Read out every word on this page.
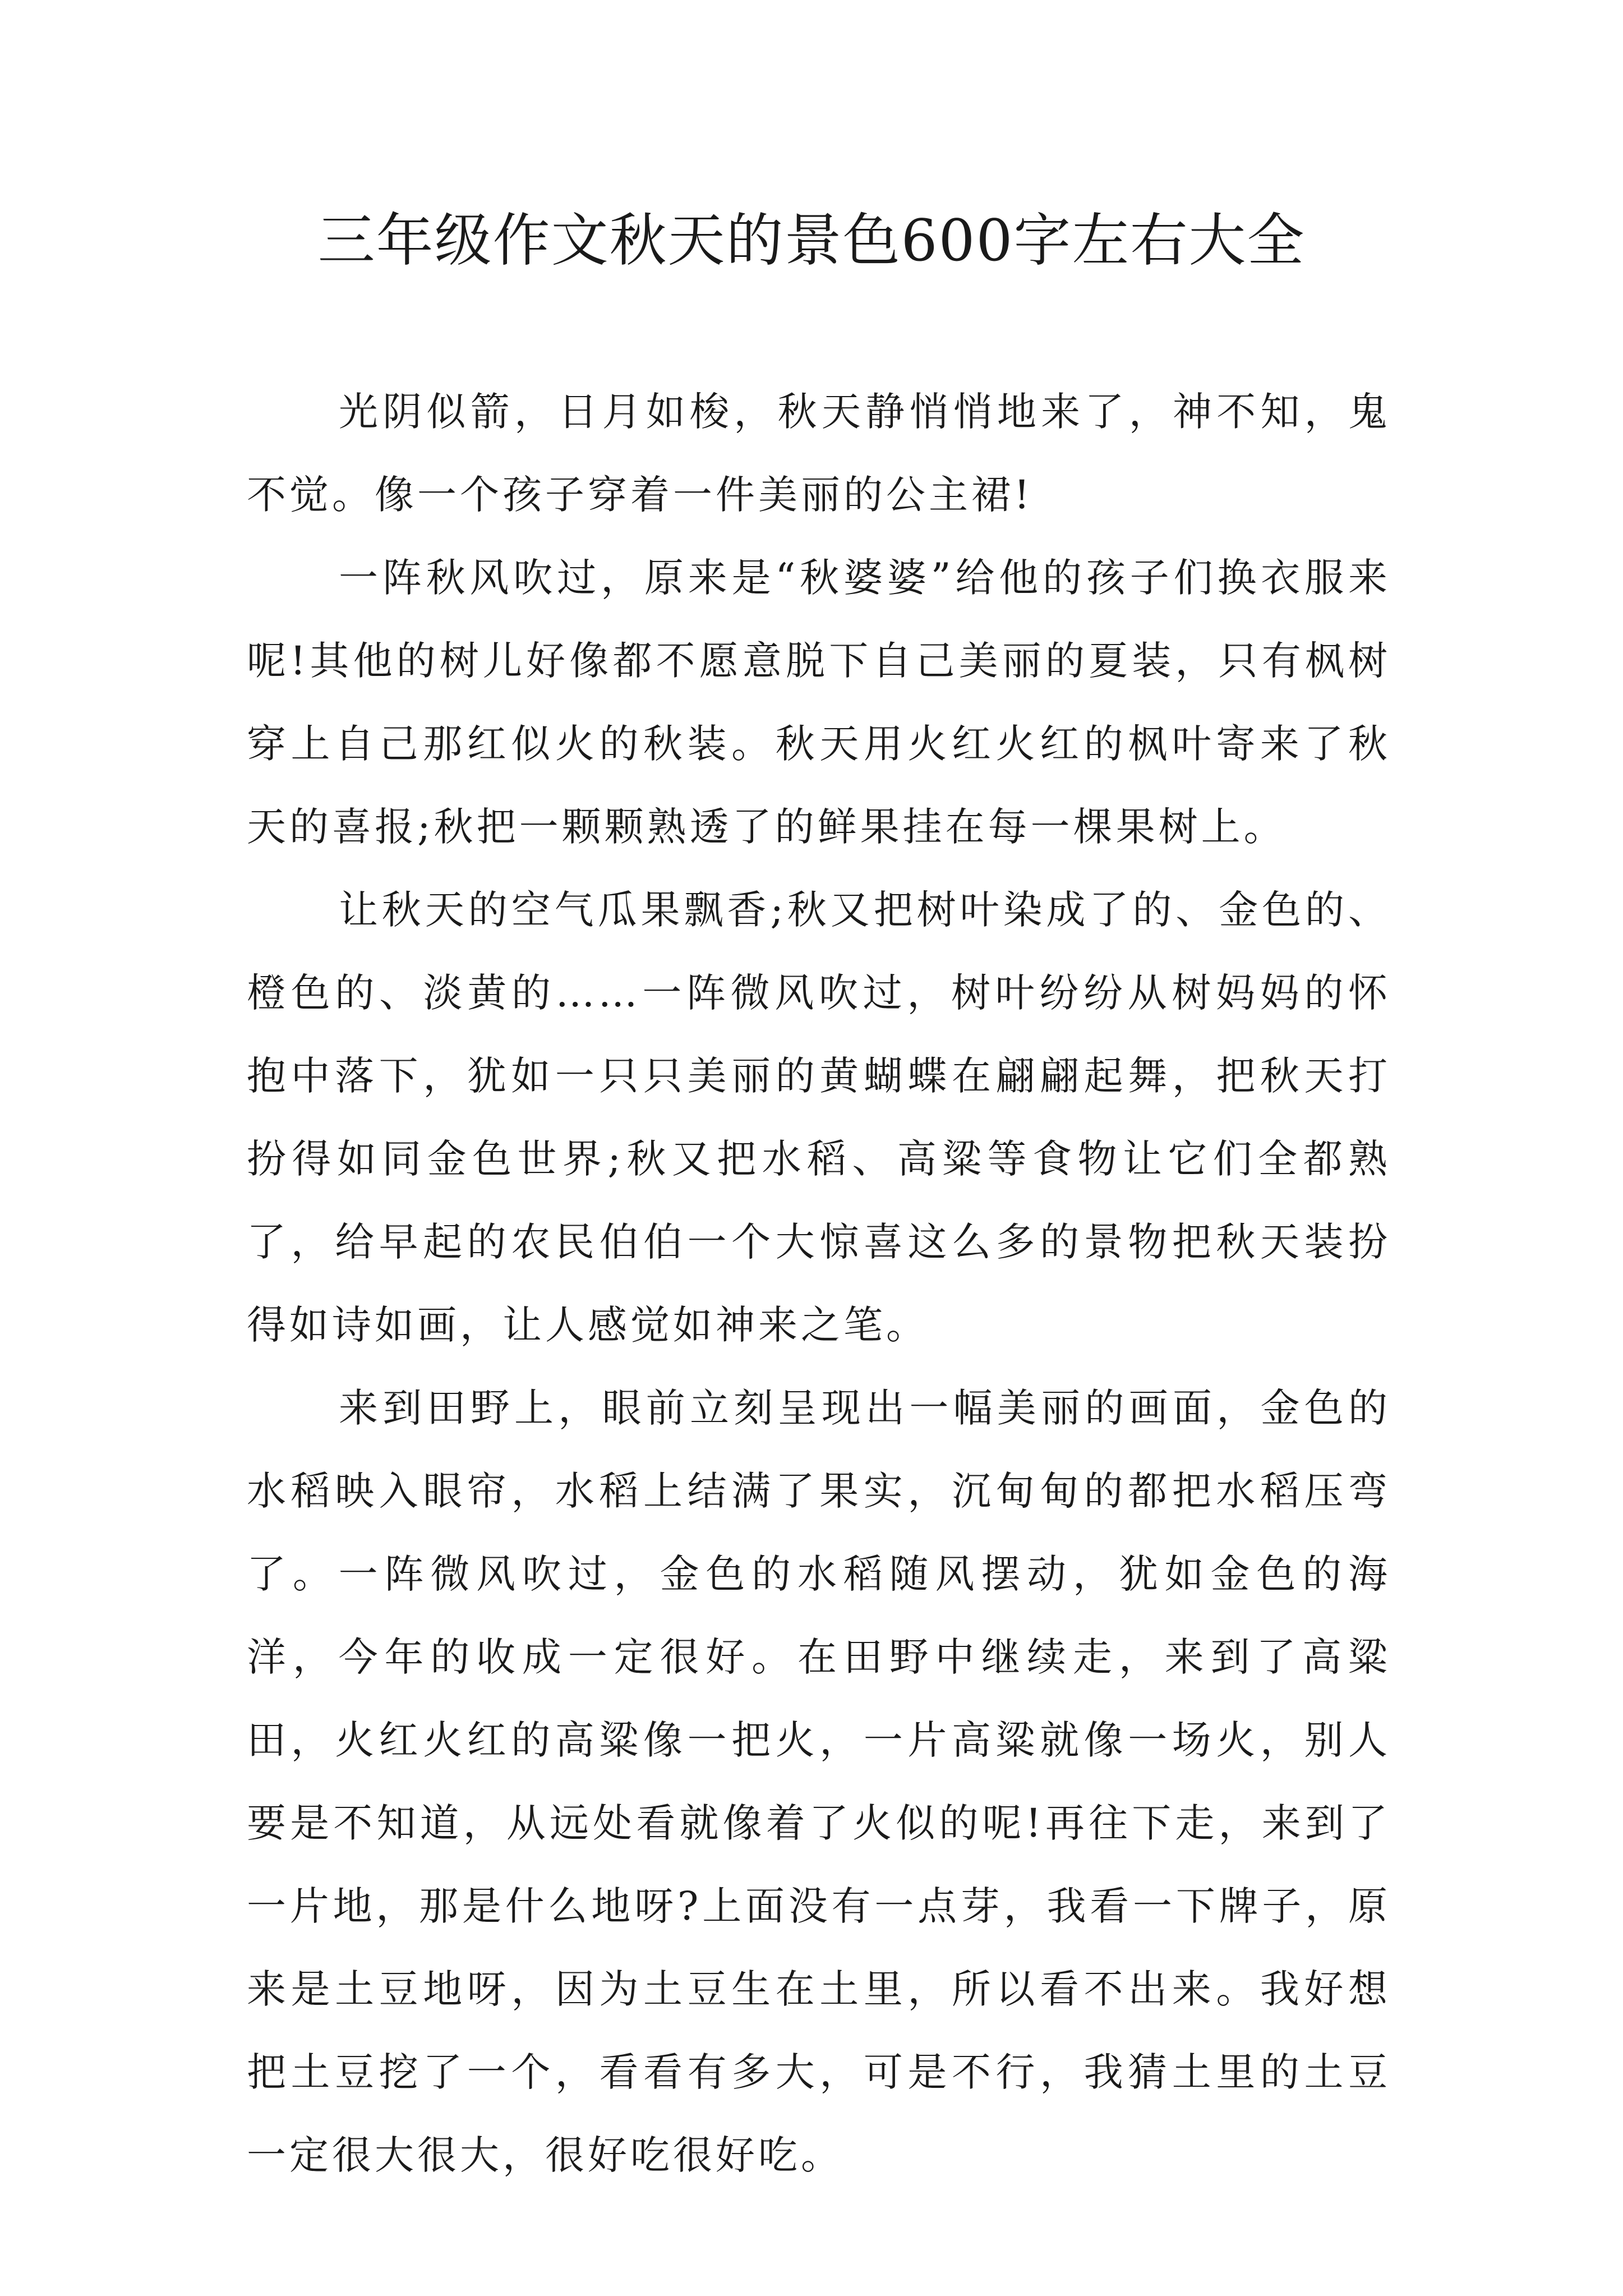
三年级作文秋天的景色600字左右大全

光阴似箭，日月如梭，秋天静悄悄地来了，神不知，鬼不觉。像一个孩子穿着一件美丽的公主裙!

一阵秋风吹过，原来是“秋婆婆”给他的孩子们换衣服来呢!其他的树儿好像都不愿意脱下自己美丽的夏装，只有枫树穿上自己那红似火的秋装。秋天用火红火红的枫叶寄来了秋天的喜报;秋把一颗颗熟透了的鲜果挂在每一棵果树上。

让秋天的空气瓜果飘香;秋又把树叶染成了的、金色的、橙色的、淡黄的……一阵微风吹过，树叶纷纷从树妈妈的怀抱中落下，犹如一只只美丽的黄蝴蝶在翩翩起舞，把秋天打扮得如同金色世界;秋又把水稻、高粱等食物让它们全都熟了，给早起的农民伯伯一个大惊喜这么多的景物把秋天装扮得如诗如画，让人感觉如神来之笔。

来到田野上，眼前立刻呈现出一幅美丽的画面，金色的水稻映入眼帘，水稻上结满了果实，沉甸甸的都把水稻压弯了。一阵微风吹过，金色的水稻随风摆动，犹如金色的海洋，今年的收成一定很好。在田野中继续走，来到了高粱田，火红火红的高粱像一把火，一片高粱就像一场火，别人要是不知道，从远处看就像着了火似的呢!再往下走，来到了一片地，那是什么地呀?上面没有一点芽，我看一下牌子，原来是土豆地呀，因为土豆生在土里，所以看不出来。我好想把土豆挖了一个，看看有多大，可是不行，我猜土里的土豆一定很大很大，很好吃很好吃。
